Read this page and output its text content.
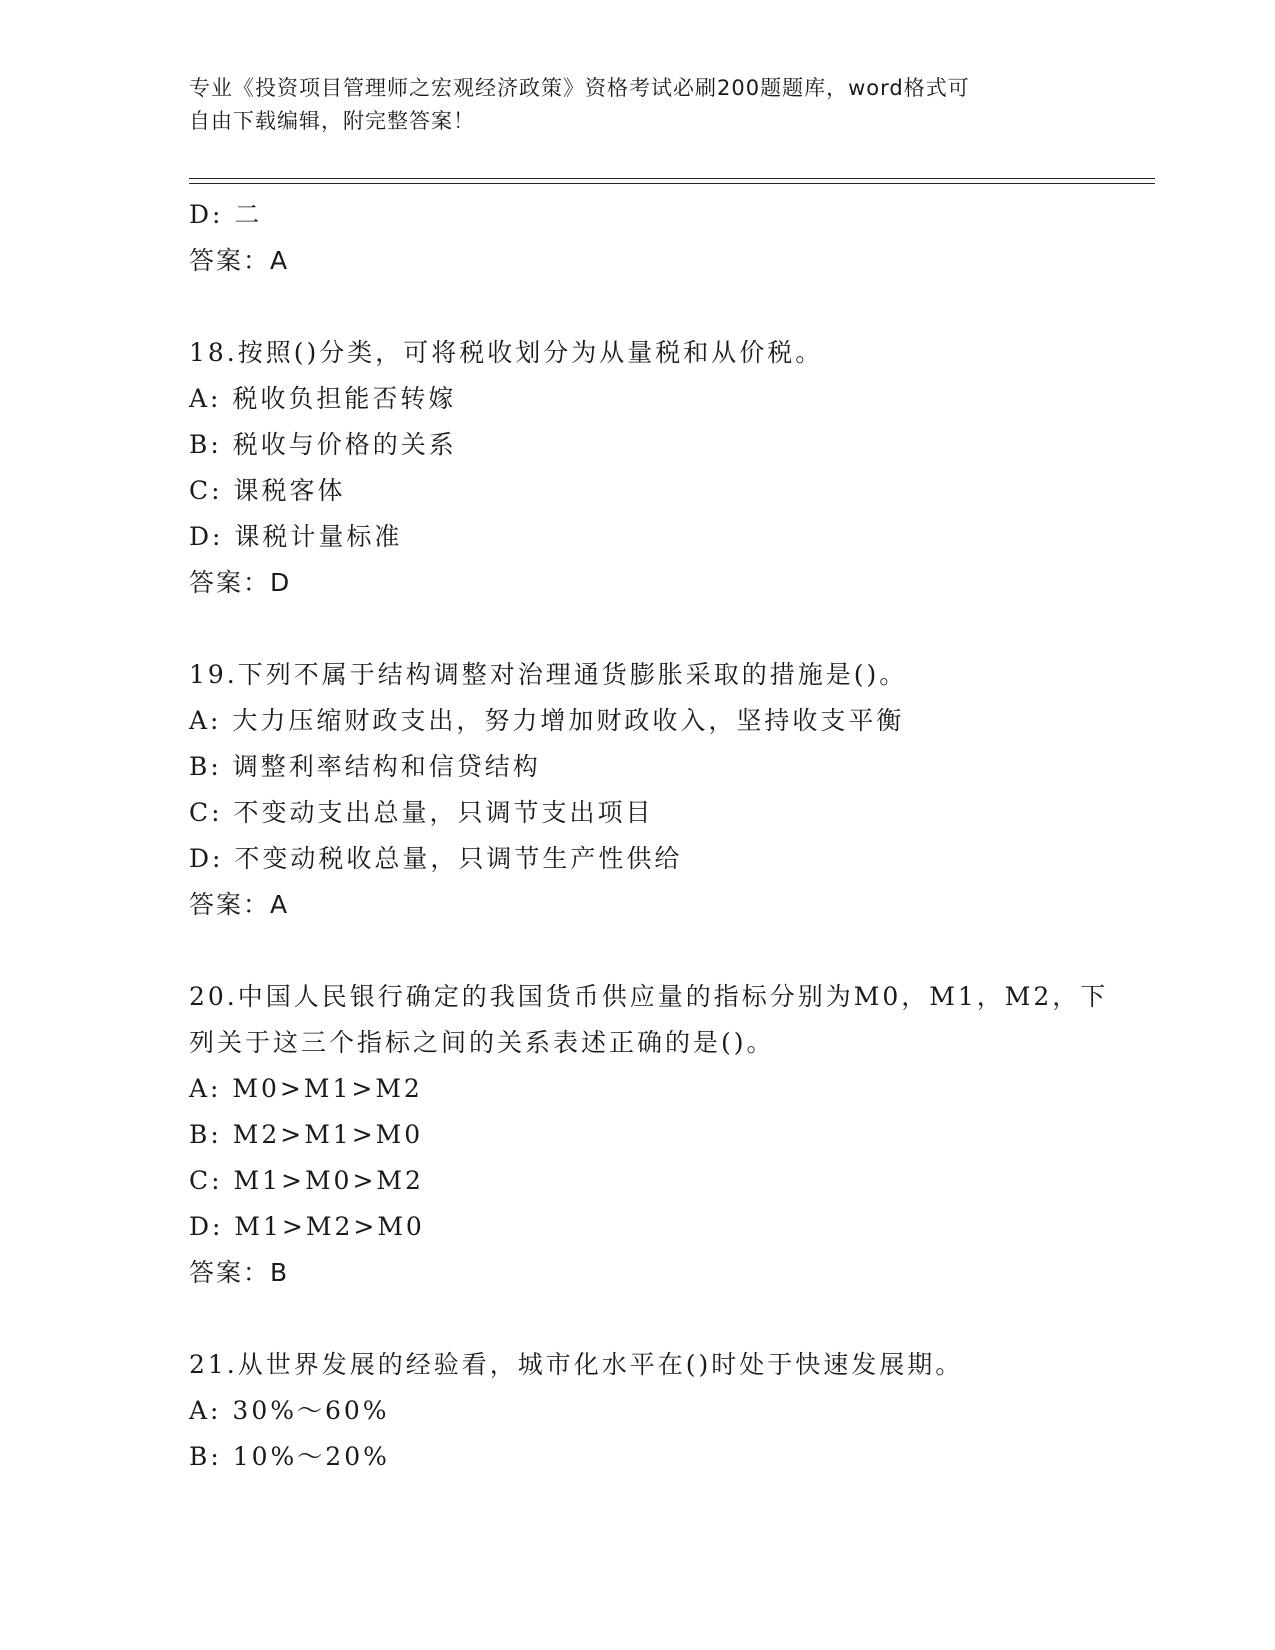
专业《投资项目管理师之宏观经济政策》资格考试必刷200题题库，word格式可
自由下载编辑，附完整答案！
D: 二
答案：A
18.按照()分类，可将税收划分为从量税和从价税。
A: 税收负担能否转嫁
B: 税收与价格的关系
C: 课税客体
D: 课税计量标准
答案：D
19.下列不属于结构调整对治理通货膨胀采取的措施是()。
A: 大力压缩财政支出，努力增加财政收入，坚持收支平衡
B: 调整利率结构和信贷结构
C: 不变动支出总量，只调节支出项目
D: 不变动税收总量，只调节生产性供给
答案：A
20.中国人民银行确定的我国货币供应量的指标分别为M0，M1，M2，下
列关于这三个指标之间的关系表述正确的是()。
A: M0>M1>M2
B: M2>M1>M0
C: M1>M0>M2
D: M1>M2>M0
答案：B
21.从世界发展的经验看，城市化水平在()时处于快速发展期。
A: 30%～60%
B: 10%～20%
